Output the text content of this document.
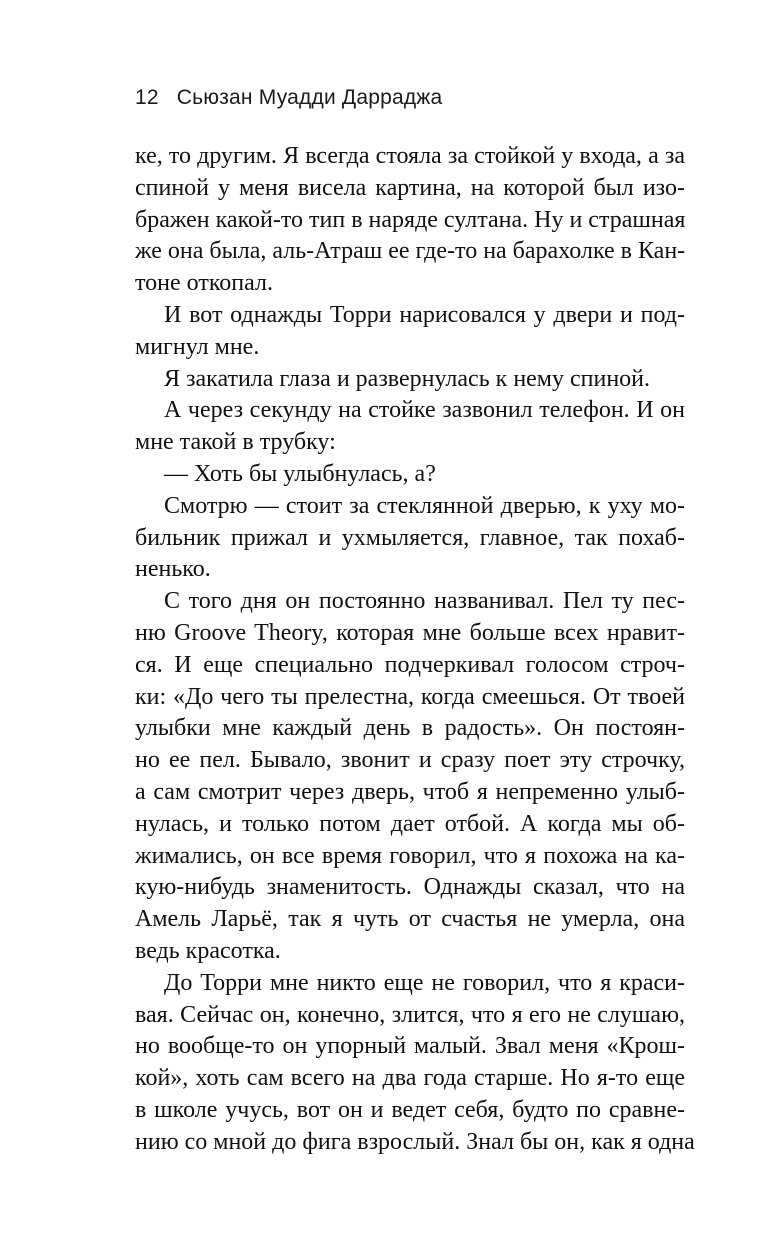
12 Сьюзан Муадди Дарраджа
ке, то другим. Я всегда стояла за стойкой у входа, а за
спиной у меня висела картина, на которой был изо-
бражен какой-то тип в наряде султана. Ну и страшная
же она была, аль-Атраш ее где-то на барахолке в Кан-
тоне откопал.
И вот однажды Торри нарисовался у двери и под-
мигнул мне.
Я закатила глаза и развернулась к нему спиной.
А через секунду на стойке зазвонил телефон. И он
мне такой в трубку:
— Хоть бы улыбнулась, а?
Смотрю — стоит за стеклянной дверью, к уху мо-
бильник прижал и ухмыляется, главное, так похаб-
ненько.
С того дня он постоянно названивал. Пел ту пес-
ню Groove Theory, которая мне больше всех нравит-
ся. И еще специально подчеркивал голосом строч-
ки: «До чего ты прелестна, когда смеешься. От твоей
улыбки мне каждый день в радость». Он постоян-
но ее пел. Бывало, звонит и сразу поет эту строчку,
а сам смотрит через дверь, чтоб я непременно улыб-
нулась, и только потом дает отбой. А когда мы об-
жимались, он все время говорил, что я похожа на ка-
кую-нибудь знаменитость. Однажды сказал, что на
Амель Ларьё, так я чуть от счастья не умерла, она
ведь красотка.
До Торри мне никто еще не говорил, что я краси-
вая. Сейчас он, конечно, злится, что я его не слушаю,
но вообще-то он упорный малый. Звал меня «Крош-
кой», хоть сам всего на два года старше. Но я-то еще
в школе учусь, вот он и ведет себя, будто по сравне-
нию со мной до фига взрослый. Знал бы он, как я одна
